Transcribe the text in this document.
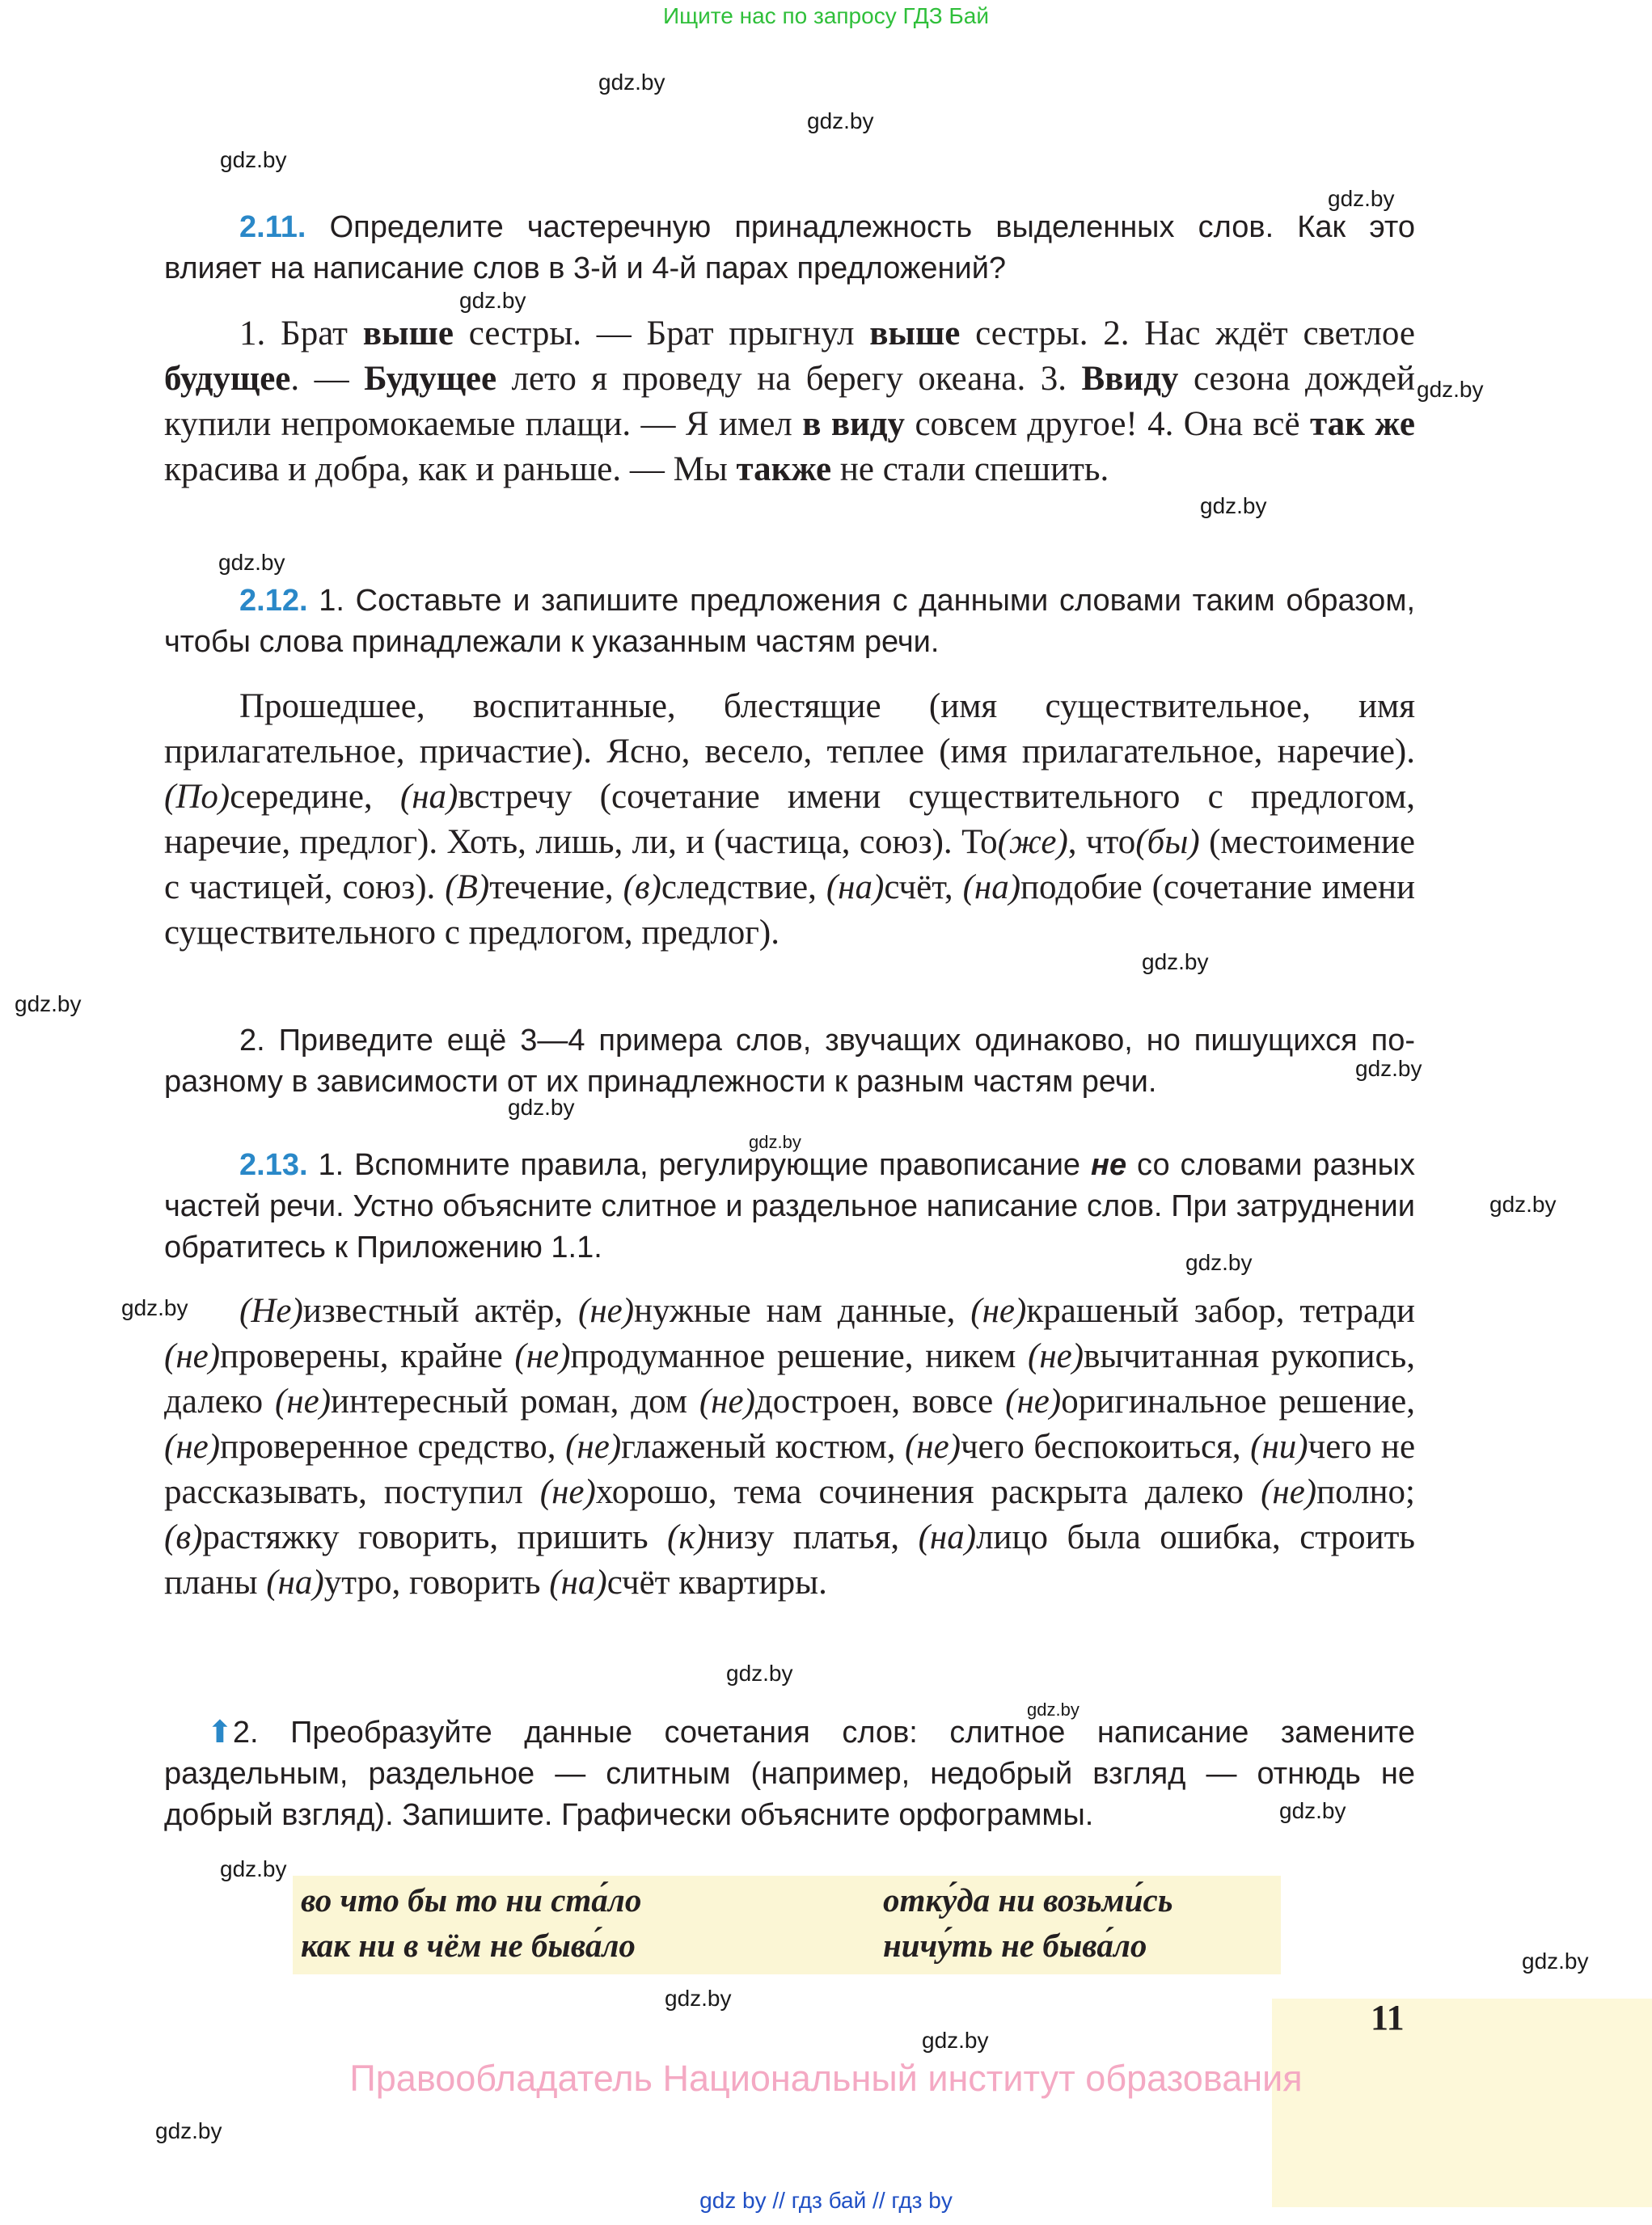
Ищите нас по запросу ГДЗ Бай
gdz.by
gdz.by
gdz.by
gdz.by
gdz.by
gdz.by
gdz.by
gdz.by
gdz.by
gdz.by
gdz.by
gdz.by
gdz.by
gdz.by
gdz.by
gdz.by
gdz.by
gdz.by
gdz.by
gdz.by
gdz.by
gdz.by
gdz.by
gdz.by
2.11. Определите частеречную принадлежность выделенных слов. Как это влияет на написание слов в 3-й и 4-й парах предложений?

1. Брат выше сестры. — Брат прыгнул выше сестры. 2. Нас ждёт светлое будущее. — Будущее лето я проведу на берегу океана. 3. Ввиду сезона дождей купили непромокаемые плащи. — Я имел в виду совсем другое! 4. Она всё так же красива и добра, как и раньше. — Мы также не стали спешить.

2.12. 1. Составьте и запишите предложения с данными словами таким образом, чтобы слова принадлежали к указанным частям речи.

Прошедшее, воспитанные, блестящие (имя существительное, имя прилагательное, причастие). Ясно, весело, теплее (имя прилагательное, наречие). (По)середине, (на)встречу (сочетание имени существительного с предлогом, наречие, предлог). Хоть, лишь, ли, и (частица, союз). То(же), что(бы) (местоимение с частицей, союз). (В)течение, (в)следствие, (на)счёт, (на)подобие (сочетание имени существительного с предлогом, предлог).

2. Приведите ещё 3—4 примера слов, звучащих одинаково, но пишущихся по-разному в зависимости от их принадлежности к разным частям речи.
2.13. 1. Вспомните правила, регулирующие правописание не со словами разных частей речи. Устно объясните слитное и раздельное написание слов. При затруднении обратитесь к Приложению 1.1.

(Не)известный актёр, (не)нужные нам данные, (не)крашеный забор, тетради (не)проверены, крайне (не)продуманное решение, никем (не)вычитанная рукопись, далеко (не)интересный роман, дом (не)достроен, вовсе (не)оригинальное решение, (не)проверенное средство, (не)глаженый костюм, (не)чего беспокоиться, (ни)чего не рассказывать, поступил (не)хорошо, тема сочинения раскрыта далеко (не)полно; (в)растяжку говорить, пришить (к)низу платья, (на)лицо была ошибка, строить планы (на)утро, говорить (на)счёт квартиры.

⬆2. Преобразуйте данные сочетания слов: слитное написание замените раздельным, раздельное — слитным (например, недобрый взгляд — отнюдь не добрый взгляд). Запишите. Графически объясните орфограммы.
во что бы то ни ста́ло	отку́да ни возьми́сь
как ни в чём не быва́ло	ничу́ть не быва́ло
11
Правообладатель Национальный институт образования
gdz by // гдз бай // гдз by
